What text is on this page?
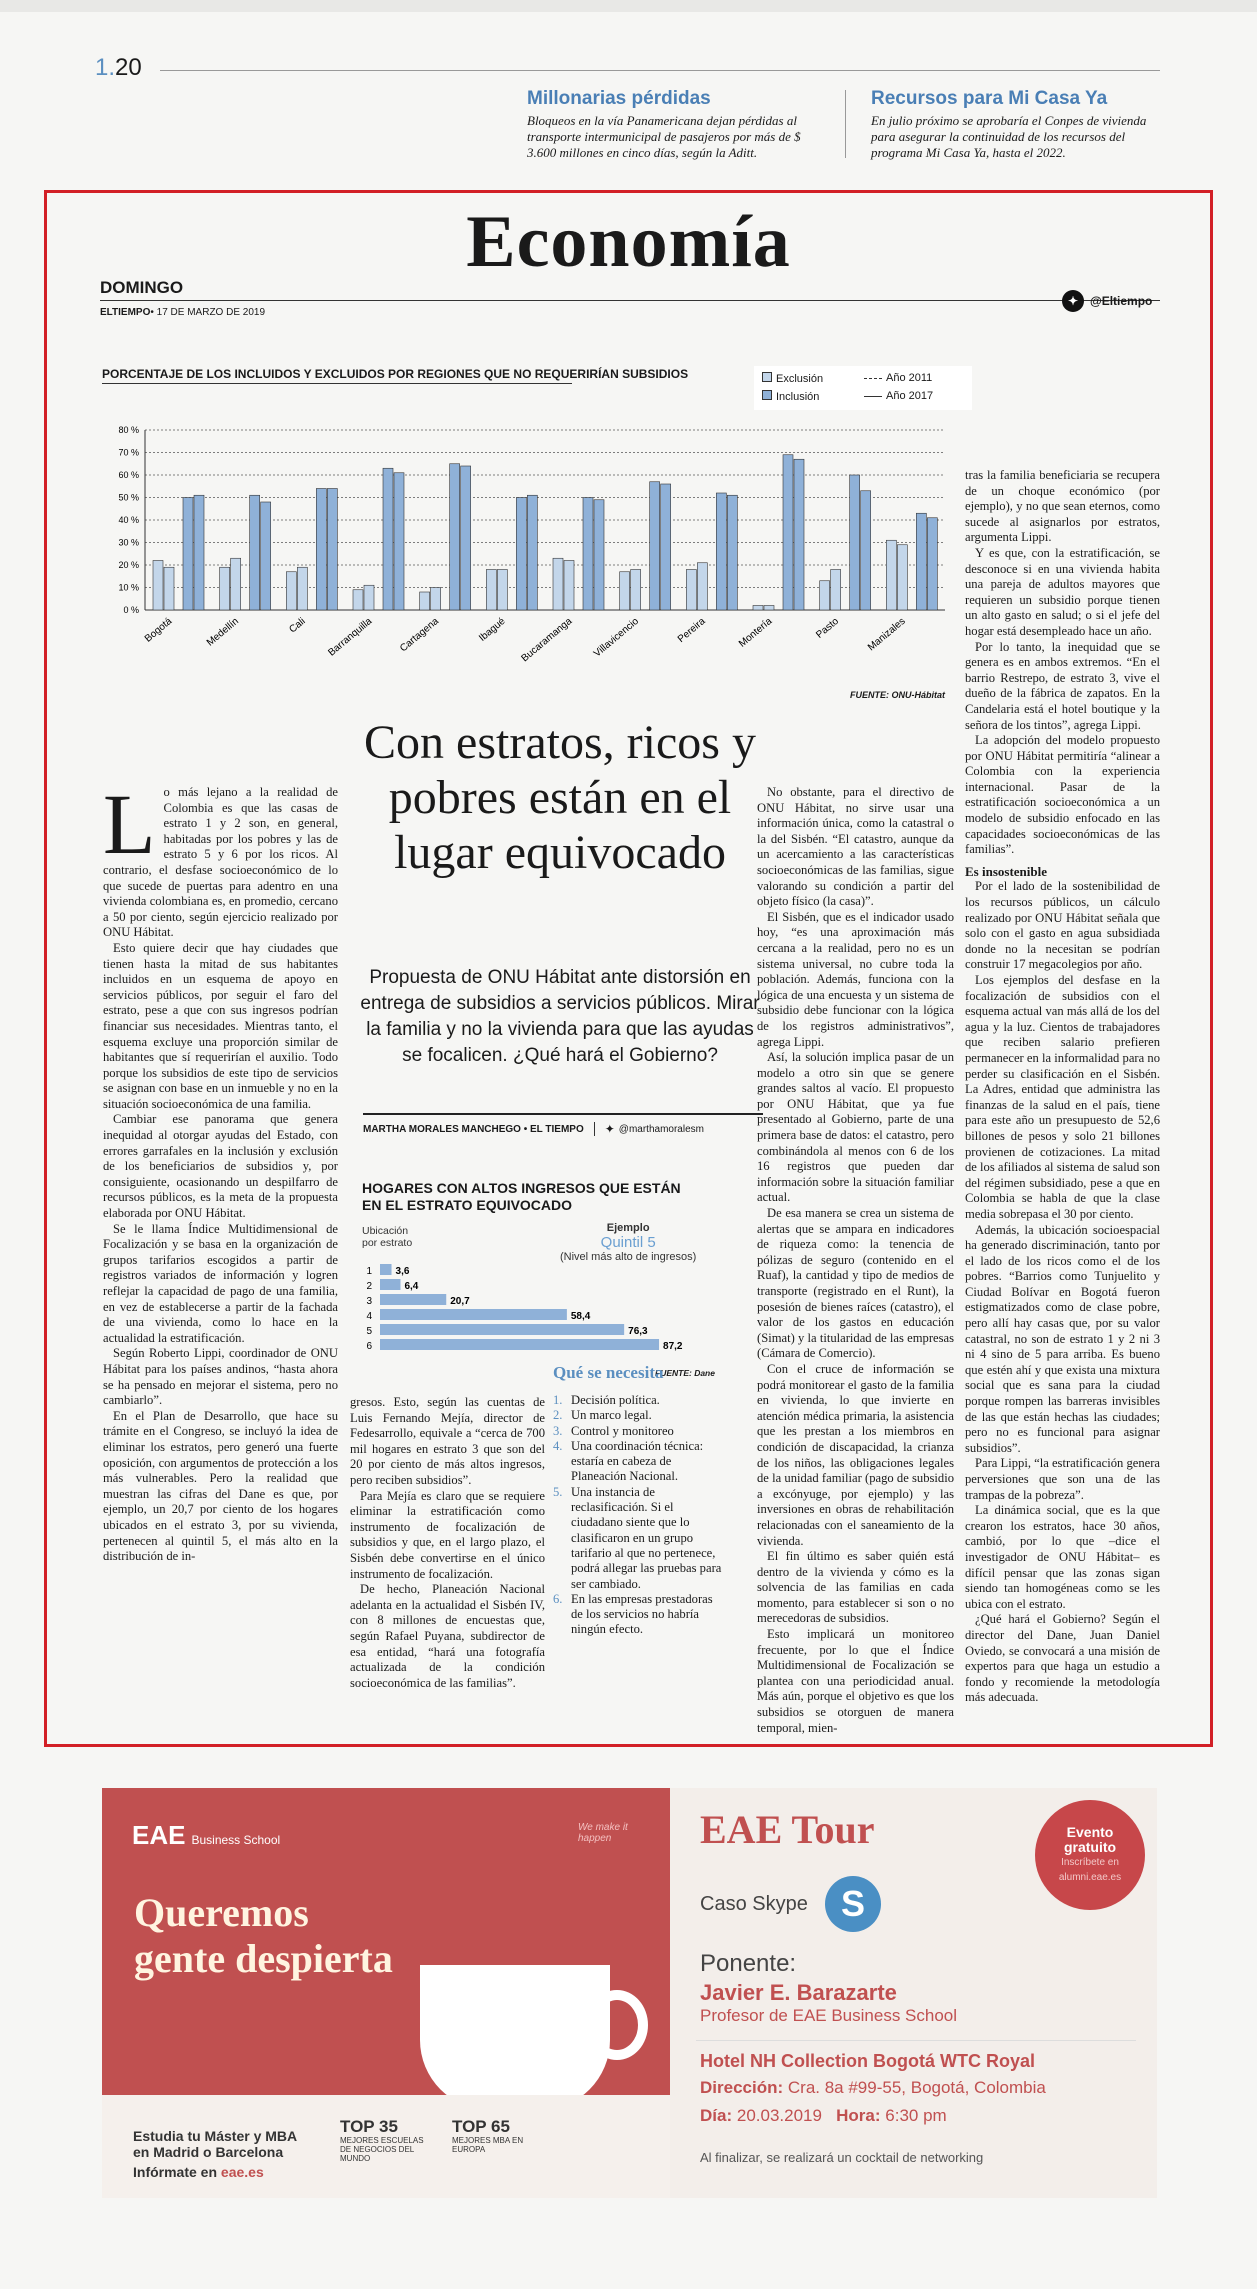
1.20
Millonarias pérdidas

Bloqueos en la vía Panamericana dejan pérdidas al transporte intermunicipal de pasajeros por más de $ 3.600 millones en cinco días, según la Aditt.

Recursos para Mi Casa Ya

En julio próximo se aprobaría el Conpes de vivienda para asegurar la continuidad de los recursos del programa Mi Casa Ya, hasta el 2022.

Economía
DOMINGO
ELTIEMPO• 17 DE MARZO DE 2019
✦ @Eltiempo
PORCENTAJE DE LOS INCLUIDOS Y EXCLUIDOS POR REGIONES QUE NO REQUERIRÍAN SUBSIDIOS	Exclusión
Inclusión
Año 2011
Año 2017
0 %
10 %
20 %
30 %
40 %
50 %
60 %
70 %
80 %
Bogotá	Medellín	Cali Barranquilla Cartagena	Ibagué Bucaramanga Villavicencio	Pereira	Montería	Pasto	Manizales
FUENTE: ONU-Hábitat
Con estratos, ricos y pobres están en el lugar equivocado
Propuesta de ONU Hábitat ante distorsión en entrega de subsidios a servicios públicos. Mirar la familia y no la vivienda para que las ayudas se focalicen. ¿Qué hará el Gobierno?
MARTHA MORALES MANCHEGO • EL TIEMPO ✦ @marthamoralesm
HOGARES CON ALTOS INGRESOS QUE ESTÁN
EN EL ESTRATO EQUIVOCADO
Ubicación
por estrato
Ejemplo
Quintil 5
(Nivel más alto de ingresos)
1 3,6
2	6,4
3	20,7
4	58,4
5	76,3
6	87,2
FUENTE: Dane
L o más lejano a la realidad de Colombia es que las casas de estrato 1 y 2 son, en general, habitadas por los pobres y las de estrato 5 y 6 por los ricos. Al contrario, el desfase socioeconómico de lo que sucede de puertas para adentro en una vivienda colombiana es, en promedio, cercano a 50 por ciento, según ejercicio realizado por ONU Hábitat.

Esto quiere decir que hay ciudades que tienen hasta la mitad de sus habitantes incluidos en un esquema de apoyo en servicios públicos, por seguir el faro del estrato, pese a que con sus ingresos podrían financiar sus necesidades. Mientras tanto, el esquema excluye una proporción similar de habitantes que sí requerirían el auxilio. Todo porque los subsidios de este tipo de servicios se asignan con base en un inmueble y no en la situación socioeconómica de una familia.

Cambiar ese panorama que genera inequidad al otorgar ayudas del Estado, con errores garrafales en la inclusión y exclusión de los beneficiarios de subsidios y, por consiguiente, ocasionando un despilfarro de recursos públicos, es la meta de la propuesta elaborada por ONU Hábitat.

Se le llama Índice Multidimensional de Focalización y se basa en la organización de grupos tarifarios escogidos a partir de registros variados de información y logren reflejar la capacidad de pago de una familia, en vez de establecerse a partir de la fachada de una vivienda, como lo hace en la actualidad la estratificación.

Según Roberto Lippi, coordinador de ONU Hábitat para los países andinos, “hasta ahora se ha pensado en mejorar el sistema, pero no cambiarlo”.

En el Plan de Desarrollo, que hace su trámite en el Congreso, se incluyó la idea de eliminar los estratos, pero generó una fuerte oposición, con argumentos de protección a los más vulnerables. Pero la realidad que muestran las cifras del Dane es que, por ejemplo, un 20,7 por ciento de los hogares ubicados en el estrato 3, por su vivienda, pertenecen al quintil 5, el más alto en la distribución de in-

gresos. Esto, según las cuentas de Luis Fernando Mejía, director de Fedesarrollo, equivale a “cerca de 700 mil hogares en estrato 3 que son del 20 por ciento de más altos ingresos, pero reciben subsidios”.

Para Mejía es claro que se requiere eliminar la estratificación como instrumento de focalización de subsidios y que, en el largo plazo, el Sisbén debe convertirse en el único instrumento de focalización.

De hecho, Planeación Nacional adelanta en la actualidad el Sisbén IV, con 8 millones de encuestas que, según Rafael Puyana, subdirector de esa entidad, “hará una fotografía actualizada de la condición socioeconómica de las familias”.

Qué se necesita
1. Decisión política.
2. Un marco legal.
3. Control y monitoreo
4. Una coordinación técnica: estaría en cabeza de Planeación Nacional.
5. Una instancia de reclasificación. Si el ciudadano siente que lo clasificaron en un grupo tarifario al que no pertenece, podrá allegar las pruebas para ser cambiado.
6. En las empresas prestadoras de los servicios no habría ningún efecto.

No obstante, para el directivo de ONU Hábitat, no sirve usar una información única, como la catastral o la del Sisbén. “El catastro, aunque da un acercamiento a las características socioeconómicas de las familias, sigue valorando su condición a partir del objeto físico (la casa)”.

El Sisbén, que es el indicador usado hoy, “es una aproximación más cercana a la realidad, pero no es un sistema universal, no cubre toda la población. Además, funciona con la lógica de una encuesta y un sistema de subsidio debe funcionar con la lógica de los registros administrativos”, agrega Lippi.

Así, la solución implica pasar de un modelo a otro sin que se genere grandes saltos al vacío. El propuesto por ONU Hábitat, que ya fue presentado al Gobierno, parte de una primera base de datos: el catastro, pero combinándola al menos con 6 de los 16 registros que pueden dar información sobre la situación familiar actual.

De esa manera se crea un sistema de alertas que se ampara en indicadores de riqueza como: la tenencia de pólizas de seguro (contenido en el Ruaf), la cantidad y tipo de medios de transporte (registrado en el Runt), la posesión de bienes raíces (catastro), el valor de los gastos en educación (Simat) y la titularidad de las empresas (Cámara de Comercio).

Con el cruce de información se podrá monitorear el gasto de la familia en vivienda, lo que invierte en atención médica primaria, la asistencia que les prestan a los miembros en condición de discapacidad, la crianza de los niños, las obligaciones legales de la unidad familiar (pago de subsidio a excónyuge, por ejemplo) y las inversiones en obras de rehabilitación relacionadas con el saneamiento de la vivienda.

El fin último es saber quién está dentro de la vivienda y cómo es la solvencia de las familias en cada momento, para establecer si son o no merecedoras de subsidios.

Esto implicará un monitoreo frecuente, por lo que el Índice Multidimensional de Focalización se plantea con una periodicidad anual. Más aún, porque el objetivo es que los subsidios se otorguen de manera temporal, mien-

tras la familia beneficiaria se recupera de un choque económico (por ejemplo), y no que sean eternos, como sucede al asignarlos por estratos, argumenta Lippi.

Y es que, con la estratificación, se desconoce si en una vivienda habita una pareja de adultos mayores que requieren un subsidio porque tienen un alto gasto en salud; o si el jefe del hogar está desempleado hace un año.

Por lo tanto, la inequidad que se genera es en ambos extremos. “En el barrio Restrepo, de estrato 3, vive el dueño de la fábrica de zapatos. En la Candelaria está el hotel boutique y la señora de los tintos”, agrega Lippi.

La adopción del modelo propuesto por ONU Hábitat permitiría “alinear a Colombia con la experiencia internacional. Pasar de la estratificación socioeconómica a un modelo de subsidio enfocado en las capacidades socioeconómicas de las familias”.

Es insostenible

Por el lado de la sostenibilidad de los recursos públicos, un cálculo realizado por ONU Hábitat señala que solo con el gasto en agua subsidiada donde no la necesitan se podrían construir 17 megacolegios por año.

Los ejemplos del desfase en la focalización de subsidios con el esquema actual van más allá de los del agua y la luz. Cientos de trabajadores que reciben salario prefieren permanecer en la informalidad para no perder su clasificación en el Sisbén. La Adres, entidad que administra las finanzas de la salud en el país, tiene para este año un presupuesto de 52,6 billones de pesos y solo 21 billones provienen de cotizaciones. La mitad de los afiliados al sistema de salud son del régimen subsidiado, pese a que en Colombia se habla de que la clase media sobrepasa el 30 por ciento.

Además, la ubicación socioespacial ha generado discriminación, tanto por el lado de los ricos como el de los pobres. “Barrios como Tunjuelito y Ciudad Bolívar en Bogotá fueron estigmatizados como de clase pobre, pero allí hay casas que, por su valor catastral, no son de estrato 1 y 2 ni 3 ni 4 sino de 5 para arriba. Es bueno que estén ahí y que exista una mixtura social que es sana para la ciudad porque rompen las barreras invisibles de las que están hechas las ciudades; pero no es funcional para asignar subsidios”.

Para Lippi, “la estratificación genera perversiones que son una de las trampas de la pobreza”.

La dinámica social, que es la que crearon los estratos, hace 30 años, cambió, por lo que –dice el investigador de ONU Hábitat– es difícil pensar que las zonas sigan siendo tan homogéneas como se les ubica con el estrato.

¿Qué hará el Gobierno? Según el director del Dane, Juan Daniel Oviedo, se convocará a una misión de expertos para que haga un estudio a fondo y recomiende la metodología más adecuada.

EAE Business School
We make it happen
Queremos
gente despierta
Estudia tu Máster y MBA
en Madrid o Barcelona
Infórmate en eae.es
TOP 35
MEJORES ESCUELAS DE NEGOCIOS DEL MUNDO
TOP 65
MEJORES MBA EN EUROPA
EAE Tour	Evento
gratuito
Inscríbete en alumni.eae.es
Caso Skype S
Ponente:
Javier E. Barazarte
Profesor de EAE Business School
Hotel NH Collection Bogotá WTC Royal
Dirección: Cra. 8a #99-55, Bogotá, Colombia
Día: 20.03.2019 Hora: 6:30 pm
Al finalizar, se realizará un cocktail de networking
